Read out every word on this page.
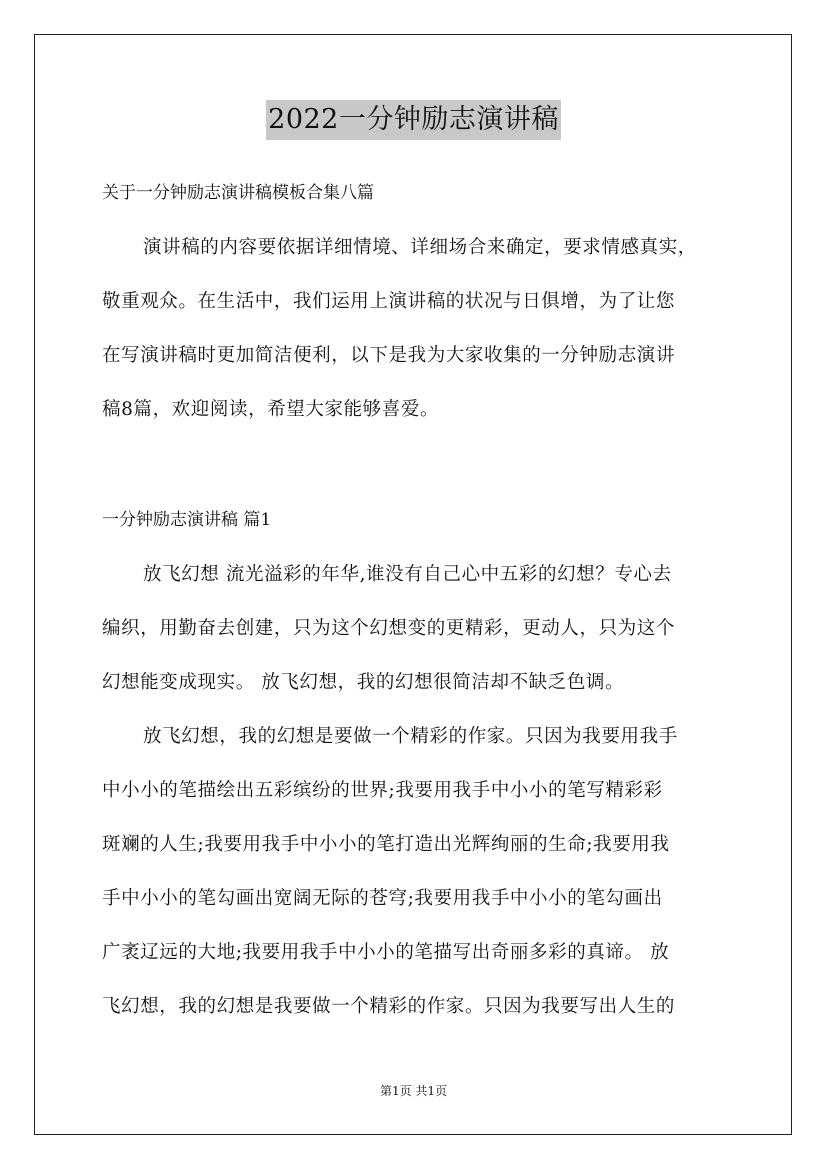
2022一分钟励志演讲稿
关于一分钟励志演讲稿模板合集八篇
演讲稿的内容要依据详细情境、详细场合来确定，要求情感真实，
敬重观众。在生活中，我们运用上演讲稿的状况与日俱增，为了让您
在写演讲稿时更加简洁便利，以下是我为大家收集的一分钟励志演讲
稿8篇，欢迎阅读，希望大家能够喜爱。
一分钟励志演讲稿 篇1
放飞幻想 流光溢彩的年华,谁没有自己心中五彩的幻想？专心去
编织，用勤奋去创建，只为这个幻想变的更精彩，更动人，只为这个
幻想能变成现实。 放飞幻想，我的幻想很简洁却不缺乏色调。
放飞幻想，我的幻想是要做一个精彩的作家。只因为我要用我手
中小小的笔描绘出五彩缤纷的世界;我要用我手中小小的笔写精彩彩
斑斓的人生;我要用我手中小小的笔打造出光辉绚丽的生命;我要用我
手中小小的笔勾画出宽阔无际的苍穹;我要用我手中小小的笔勾画出
广袤辽远的大地;我要用我手中小小的笔描写出奇丽多彩的真谛。 放
飞幻想，我的幻想是我要做一个精彩的作家。只因为我要写出人生的
第1页 共1页
